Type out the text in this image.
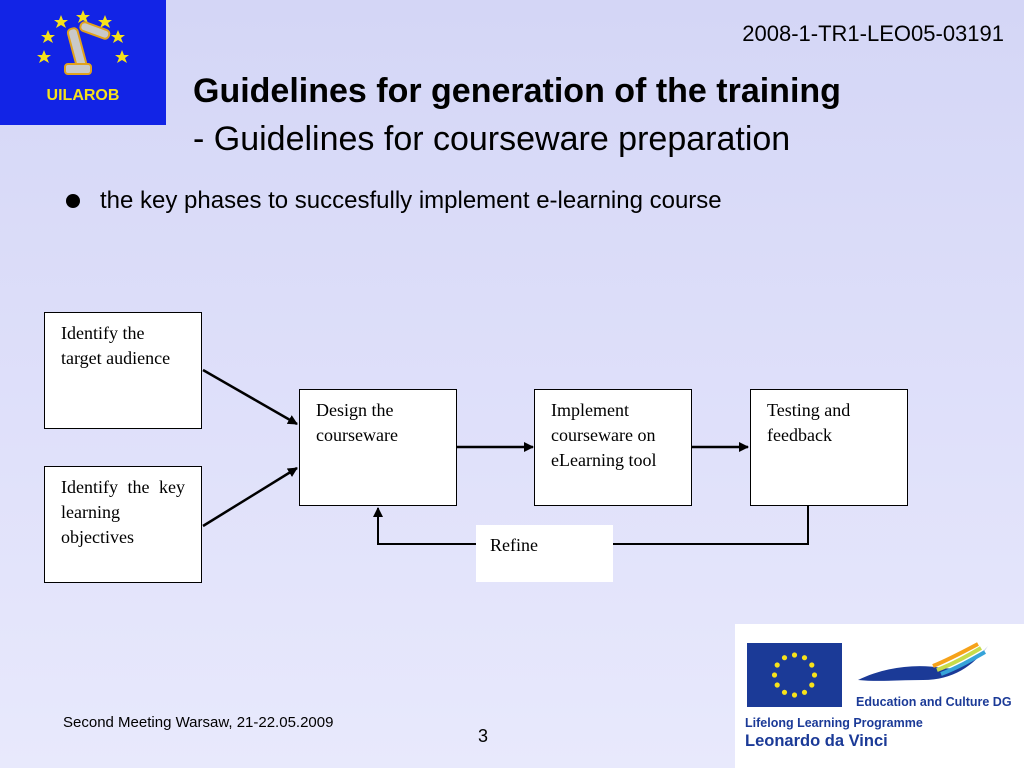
UILAROB
2008-1-TR1-LEO05-03191
Guidelines for generation of the training
- Guidelines for courseware preparation
the key phases to succesfully implement e-learning course
Identify the target audience
Identify the key learning objectives
Design the courseware
Implement courseware on eLearning tool
Testing and feedback
Refine
Second Meeting Warsaw, 21-22.05.2009
3
Education and Culture DG
Lifelong Learning Programme
Leonardo da Vinci
